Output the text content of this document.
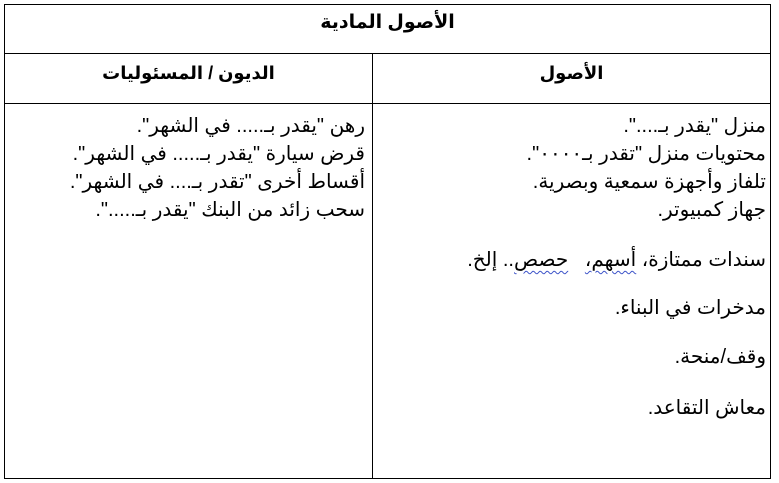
الأصول المادية
الديون / المسئوليات	الأصول
رهن "يقدر بـ..... في الشهر".
قرض سيارة "يقدر بـ..... في الشهر".
أقساط أخرى "تقدر بـ.... في الشهر".
سحب زائد من البنك "يقدر بـ.....".
منزل "يقدر بـ....".
محتويات منزل "تقدر بـ٠٠٠٠".
تلفاز وأجهزة سمعية وبصرية.
جهاز كمبيوتر.
سندات ممتازة، أسهم،   حصص.. إلخ.
مدخرات في البناء.
وقف/منحة.
معاش التقاعد.
